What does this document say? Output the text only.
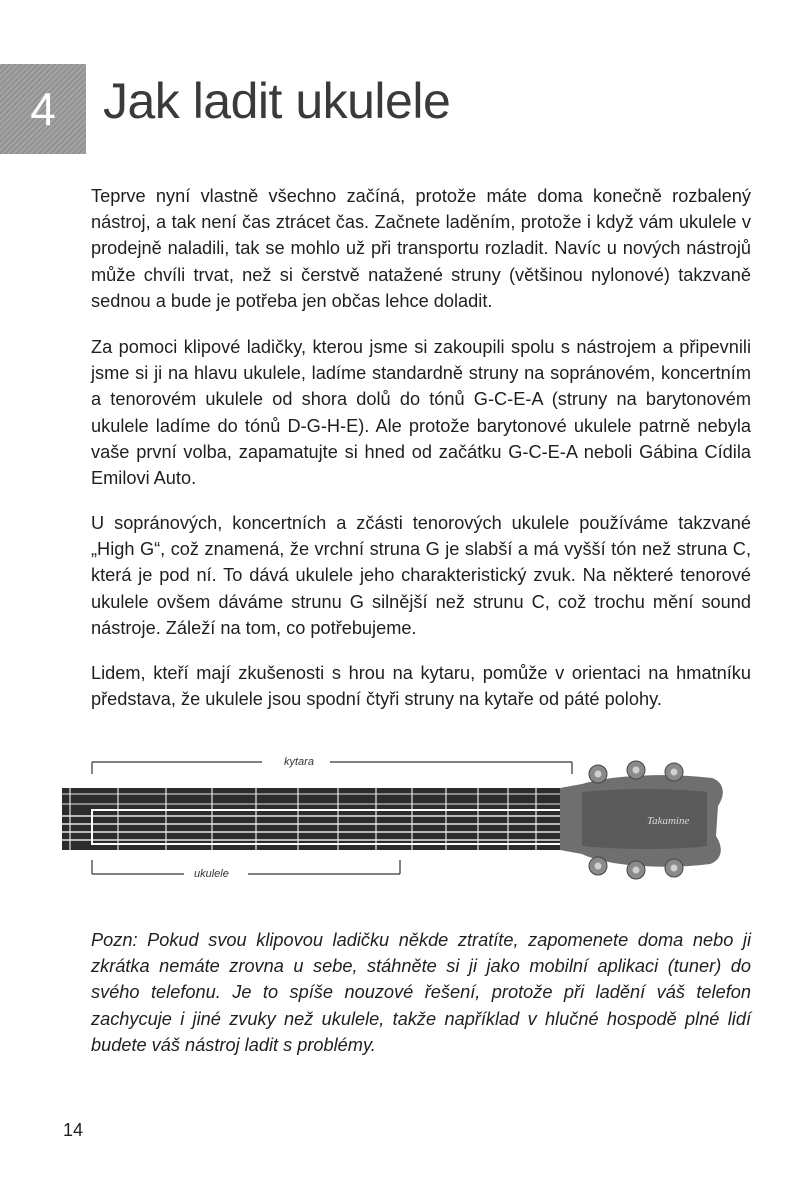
4 Jak ladit ukulele

Teprve nyní vlastně všechno začíná, protože máte doma konečně rozbalený nástroj, a tak není čas ztrácet čas. Začnete laděním, protože i když vám ukulele v prodejně naladili, tak se mohlo už při transportu rozladit. Navíc u nových nástrojů může chvíli trvat, než si čerstvě natažené struny (většinou nylonové) takzvaně sednou a bude je potřeba jen občas lehce doladit.

Za pomoci klipové ladičky, kterou jsme si zakoupili spolu s nástrojem a připevnili jsme si ji na hlavu ukulele, ladíme standardně struny na sopránovém, koncertním a tenorovém ukulele od shora dolů do tónů G-C-E-A (struny na barytonovém ukulele ladíme do tónů D-G-H-E). Ale protože barytonové ukulele patrně nebyla vaše první volba, zapamatujte si hned od začátku G-C-E-A neboli Gábina Cídila Emilovi Auto.

U sopránových, koncertních a zčásti tenorových ukulele používáme takzvané „High G“, což znamená, že vrchní struna G je slabší a má vyšší tón než struna C, která je pod ní. To dává ukulele jeho charakteristický zvuk. Na některé tenorové ukulele ovšem dáváme strunu G silnější než strunu C, což trochu mění sound nástroje. Záleží na tom, co potřebujeme.

Lidem, kteří mají zkušenosti s hrou na kytaru, pomůže v orientaci na hmatníku představa, že ukulele jsou spodní čtyři struny na kytaře od páté polohy.

kytara
Takamine
ukulele

Pozn: Pokud svou klipovou ladičku někde ztratíte, zapomenete doma nebo ji zkrátka nemáte zrovna u sebe, stáhněte si ji jako mobilní aplikaci (tuner) do svého telefonu. Je to spíše nouzové řešení, protože při ladění váš telefon zachycuje i jiné zvuky než ukulele, takže například v hlučné hospodě plné lidí budete váš nástroj ladit s problémy.

14
